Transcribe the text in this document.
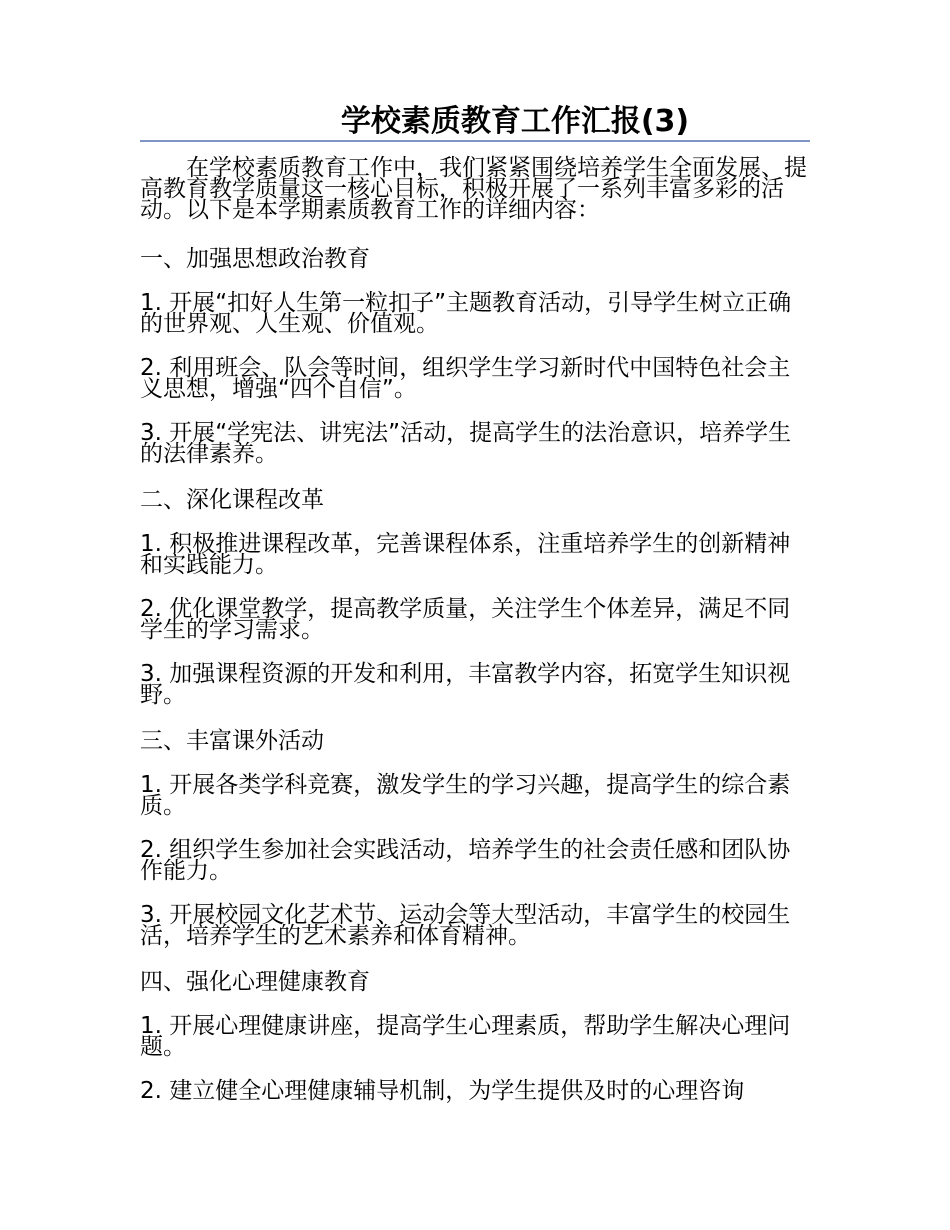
学校素质教育工作汇报(3)

在学校素质教育工作中，我们紧紧围绕培养学生全面发展、提高教育教学质量这一核心目标，积极开展了一系列丰富多彩的活动。以下是本学期素质教育工作的详细内容：

一、加强思想政治教育

1. 开展“扣好人生第一粒扣子”主题教育活动，引导学生树立正确的世界观、人生观、价值观。

2. 利用班会、队会等时间，组织学生学习新时代中国特色社会主义思想，增强“四个自信”。

3. 开展“学宪法、讲宪法”活动，提高学生的法治意识，培养学生的法律素养。

二、深化课程改革

1. 积极推进课程改革，完善课程体系，注重培养学生的创新精神和实践能力。

2. 优化课堂教学，提高教学质量，关注学生个体差异，满足不同学生的学习需求。

3. 加强课程资源的开发和利用，丰富教学内容，拓宽学生知识视野。

三、丰富课外活动

1. 开展各类学科竞赛，激发学生的学习兴趣，提高学生的综合素质。

2. 组织学生参加社会实践活动，培养学生的社会责任感和团队协作能力。

3. 开展校园文化艺术节、运动会等大型活动，丰富学生的校园生活，培养学生的艺术素养和体育精神。

四、强化心理健康教育

1. 开展心理健康讲座，提高学生心理素质，帮助学生解决心理问题。

2. 建立健全心理健康辅导机制，为学生提供及时的心理咨询
